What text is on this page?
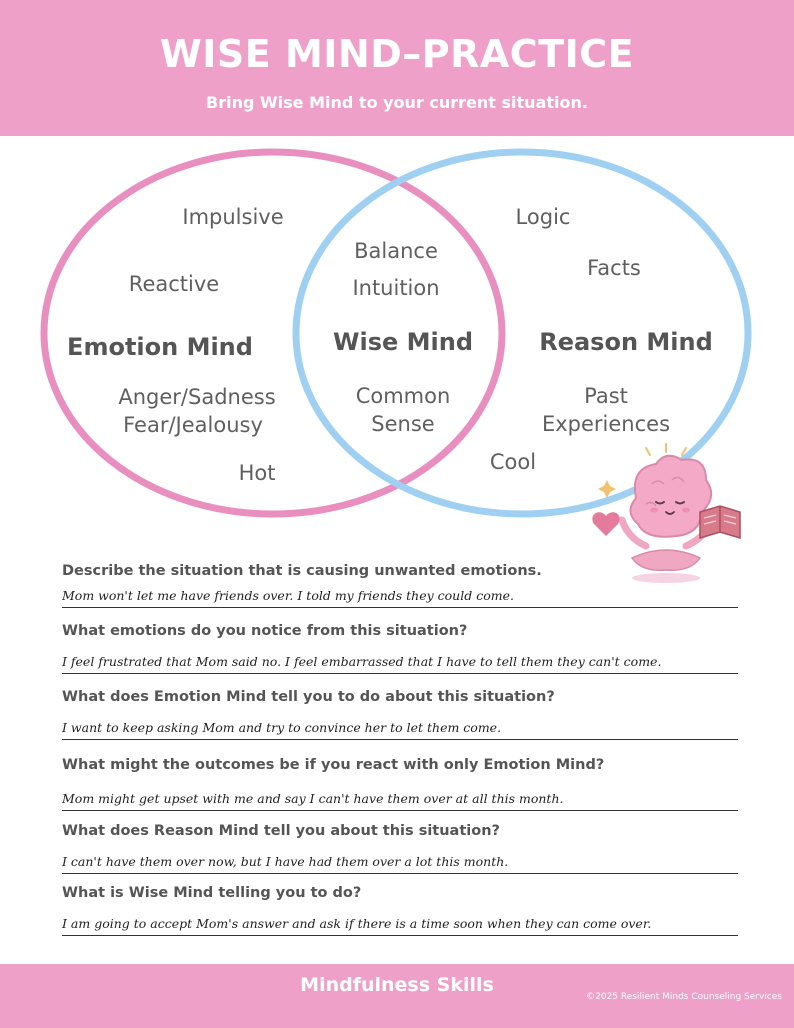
WISE MIND–PRACTICE
Bring Wise Mind to your current situation.
Impulsive
Reactive
Emotion Mind
Anger/Sadness
Fear/Jealousy
Hot
Balance
Intuition
Wise Mind
Common
Sense
Logic
Facts
Reason Mind
Past
Experiences
Cool
Describe the situation that is causing unwanted emotions.
Mom won't let me have friends over. I told my friends they could come.
What emotions do you notice from this situation?
I feel frustrated that Mom said no. I feel embarrassed that I have to tell them they can't come.
What does Emotion Mind tell you to do about this situation?
I want to keep asking Mom and try to convince her to let them come.
What might the outcomes be if you react with only Emotion Mind?
Mom might get upset with me and say I can't have them over at all this month.
What does Reason Mind tell you about this situation?
I can't have them over now, but I have had them over a lot this month.
What is Wise Mind telling you to do?
I am going to accept Mom's answer and ask if there is a time soon when they can come over.
Mindfulness Skills
©2025 Resilient Minds Counseling Services
